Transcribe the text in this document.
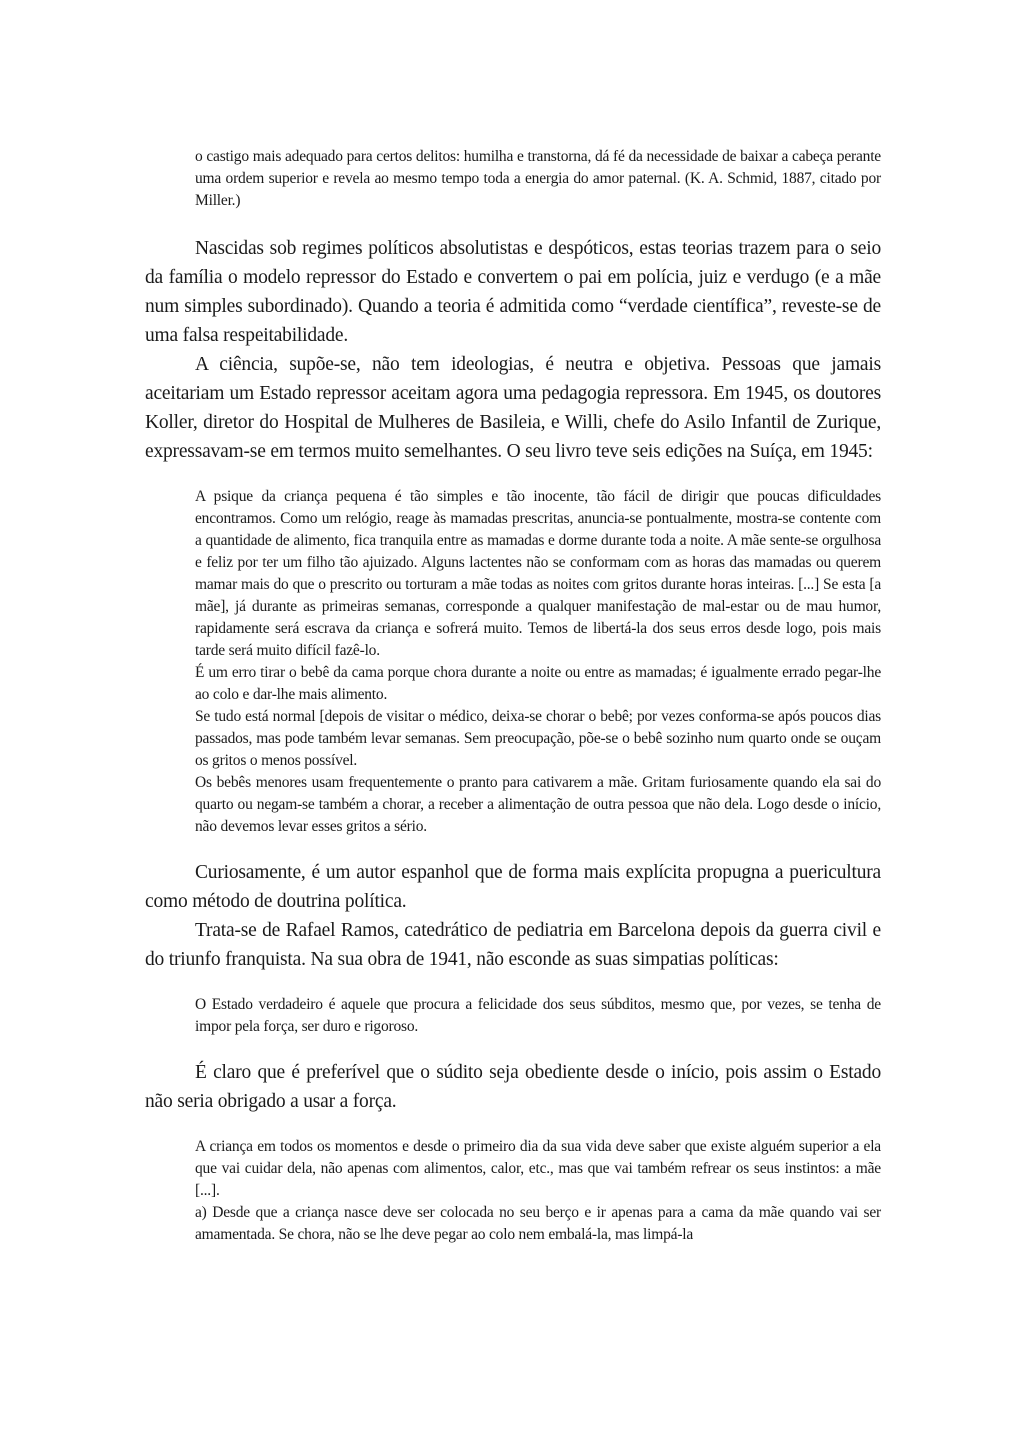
o castigo mais adequado para certos delitos: humilha e transtorna, dá fé da necessidade de baixar a cabeça perante uma ordem superior e revela ao mesmo tempo toda a energia do amor paternal. (K. A. Schmid, 1887, citado por Miller.)

Nascidas sob regimes políticos absolutistas e despóticos, estas teorias trazem para o seio da família o modelo repressor do Estado e convertem o pai em polícia, juiz e verdugo (e a mãe num simples subordinado). Quando a teoria é admitida como “verdade científica”, reveste-se de uma falsa respeitabilidade.

A ciência, supõe-se, não tem ideologias, é neutra e objetiva. Pessoas que jamais aceitariam um Estado repressor aceitam agora uma pedagogia repressora. Em 1945, os doutores Koller, diretor do Hospital de Mulheres de Basileia, e Willi, chefe do Asilo Infantil de Zurique, expressavam-se em termos muito semelhantes. O seu livro teve seis edições na Suíça, em 1945:

A psique da criança pequena é tão simples e tão inocente, tão fácil de dirigir que poucas dificuldades encontramos. Como um relógio, reage às mamadas prescritas, anuncia-se pontualmente, mostra-se contente com a quantidade de alimento, fica tranquila entre as mamadas e dorme durante toda a noite. A mãe sente-se orgulhosa e feliz por ter um filho tão ajuizado. Alguns lactentes não se conformam com as horas das mamadas ou querem mamar mais do que o prescrito ou torturam a mãe todas as noites com gritos durante horas inteiras. [...] Se esta [a mãe], já durante as primeiras semanas, corresponde a qualquer manifestação de mal-estar ou de mau humor, rapidamente será escrava da criança e sofrerá muito. Temos de libertá-la dos seus erros desde logo, pois mais tarde será muito difícil fazê-lo.

É um erro tirar o bebê da cama porque chora durante a noite ou entre as mamadas; é igualmente errado pegar-lhe ao colo e dar-lhe mais alimento.

Se tudo está normal [depois de visitar o médico, deixa-se chorar o bebê; por vezes conforma-se após poucos dias passados, mas pode também levar semanas. Sem preocupação, põe-se o bebê sozinho num quarto onde se ouçam os gritos o menos possível.

Os bebês menores usam frequentemente o pranto para cativarem a mãe. Gritam furiosamente quando ela sai do quarto ou negam-se também a chorar, a receber a alimentação de outra pessoa que não dela. Logo desde o início, não devemos levar esses gritos a sério.

Curiosamente, é um autor espanhol que de forma mais explícita propugna a puericultura como método de doutrina política.

Trata-se de Rafael Ramos, catedrático de pediatria em Barcelona depois da guerra civil e do triunfo franquista. Na sua obra de 1941, não esconde as suas simpatias políticas:

O Estado verdadeiro é aquele que procura a felicidade dos seus súbditos, mesmo que, por vezes, se tenha de impor pela força, ser duro e rigoroso.

É claro que é preferível que o súdito seja obediente desde o início, pois assim o Estado não seria obrigado a usar a força.

A criança em todos os momentos e desde o primeiro dia da sua vida deve saber que existe alguém superior a ela que vai cuidar dela, não apenas com alimentos, calor, etc., mas que vai também refrear os seus instintos: a mãe [...].

a) Desde que a criança nasce deve ser colocada no seu berço e ir apenas para a cama da mãe quando vai ser amamentada. Se chora, não se lhe deve pegar ao colo nem embalá-la, mas limpá-la
